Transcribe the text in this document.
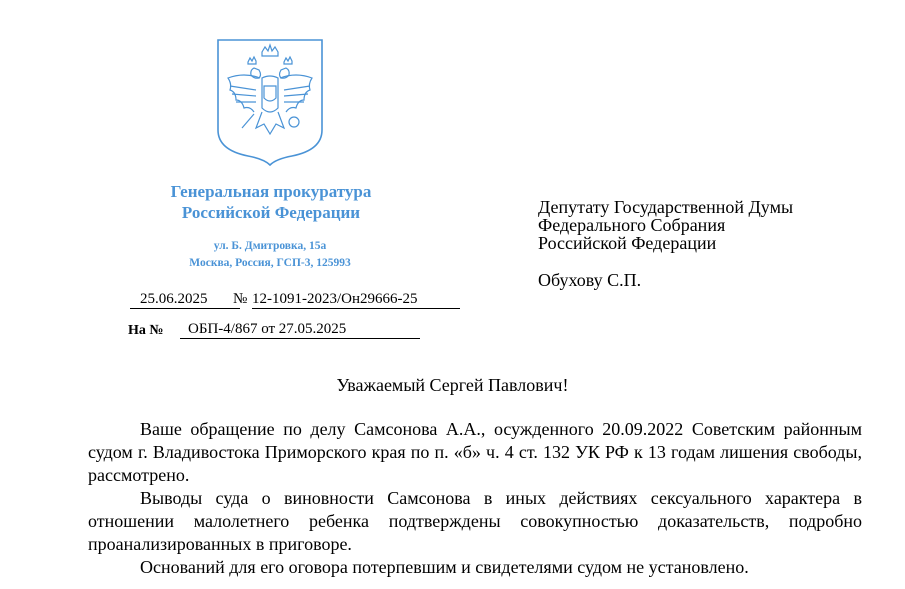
Генеральная прокуратура
Российской Федерации
ул. Б. Дмитровка, 15а
Москва, Россия, ГСП-3, 125993
25.06.2025	№ 12-1091-2023/Он29666-25
На №	ОБП-4/867 от 27.05.2025
Депутату Государственной Думы
Федерального Собрания
Российской Федерации
Обухову С.П.
Уважаемый Сергей Павлович!

Ваше обращение по делу Самсонова А.А., осужденного 20.09.2022 Советским районным судом г. Владивостока Приморского края по п. «б» ч. 4 ст. 132 УК РФ к 13 годам лишения свободы, рассмотрено.

Выводы суда о виновности Самсонова в иных действиях сексуального характера в отношении малолетнего ребенка подтверждены совокупностью доказательств, подробно проанализированных в приговоре.

Оснований для его оговора потерпевшим и свидетелями судом не установлено.
